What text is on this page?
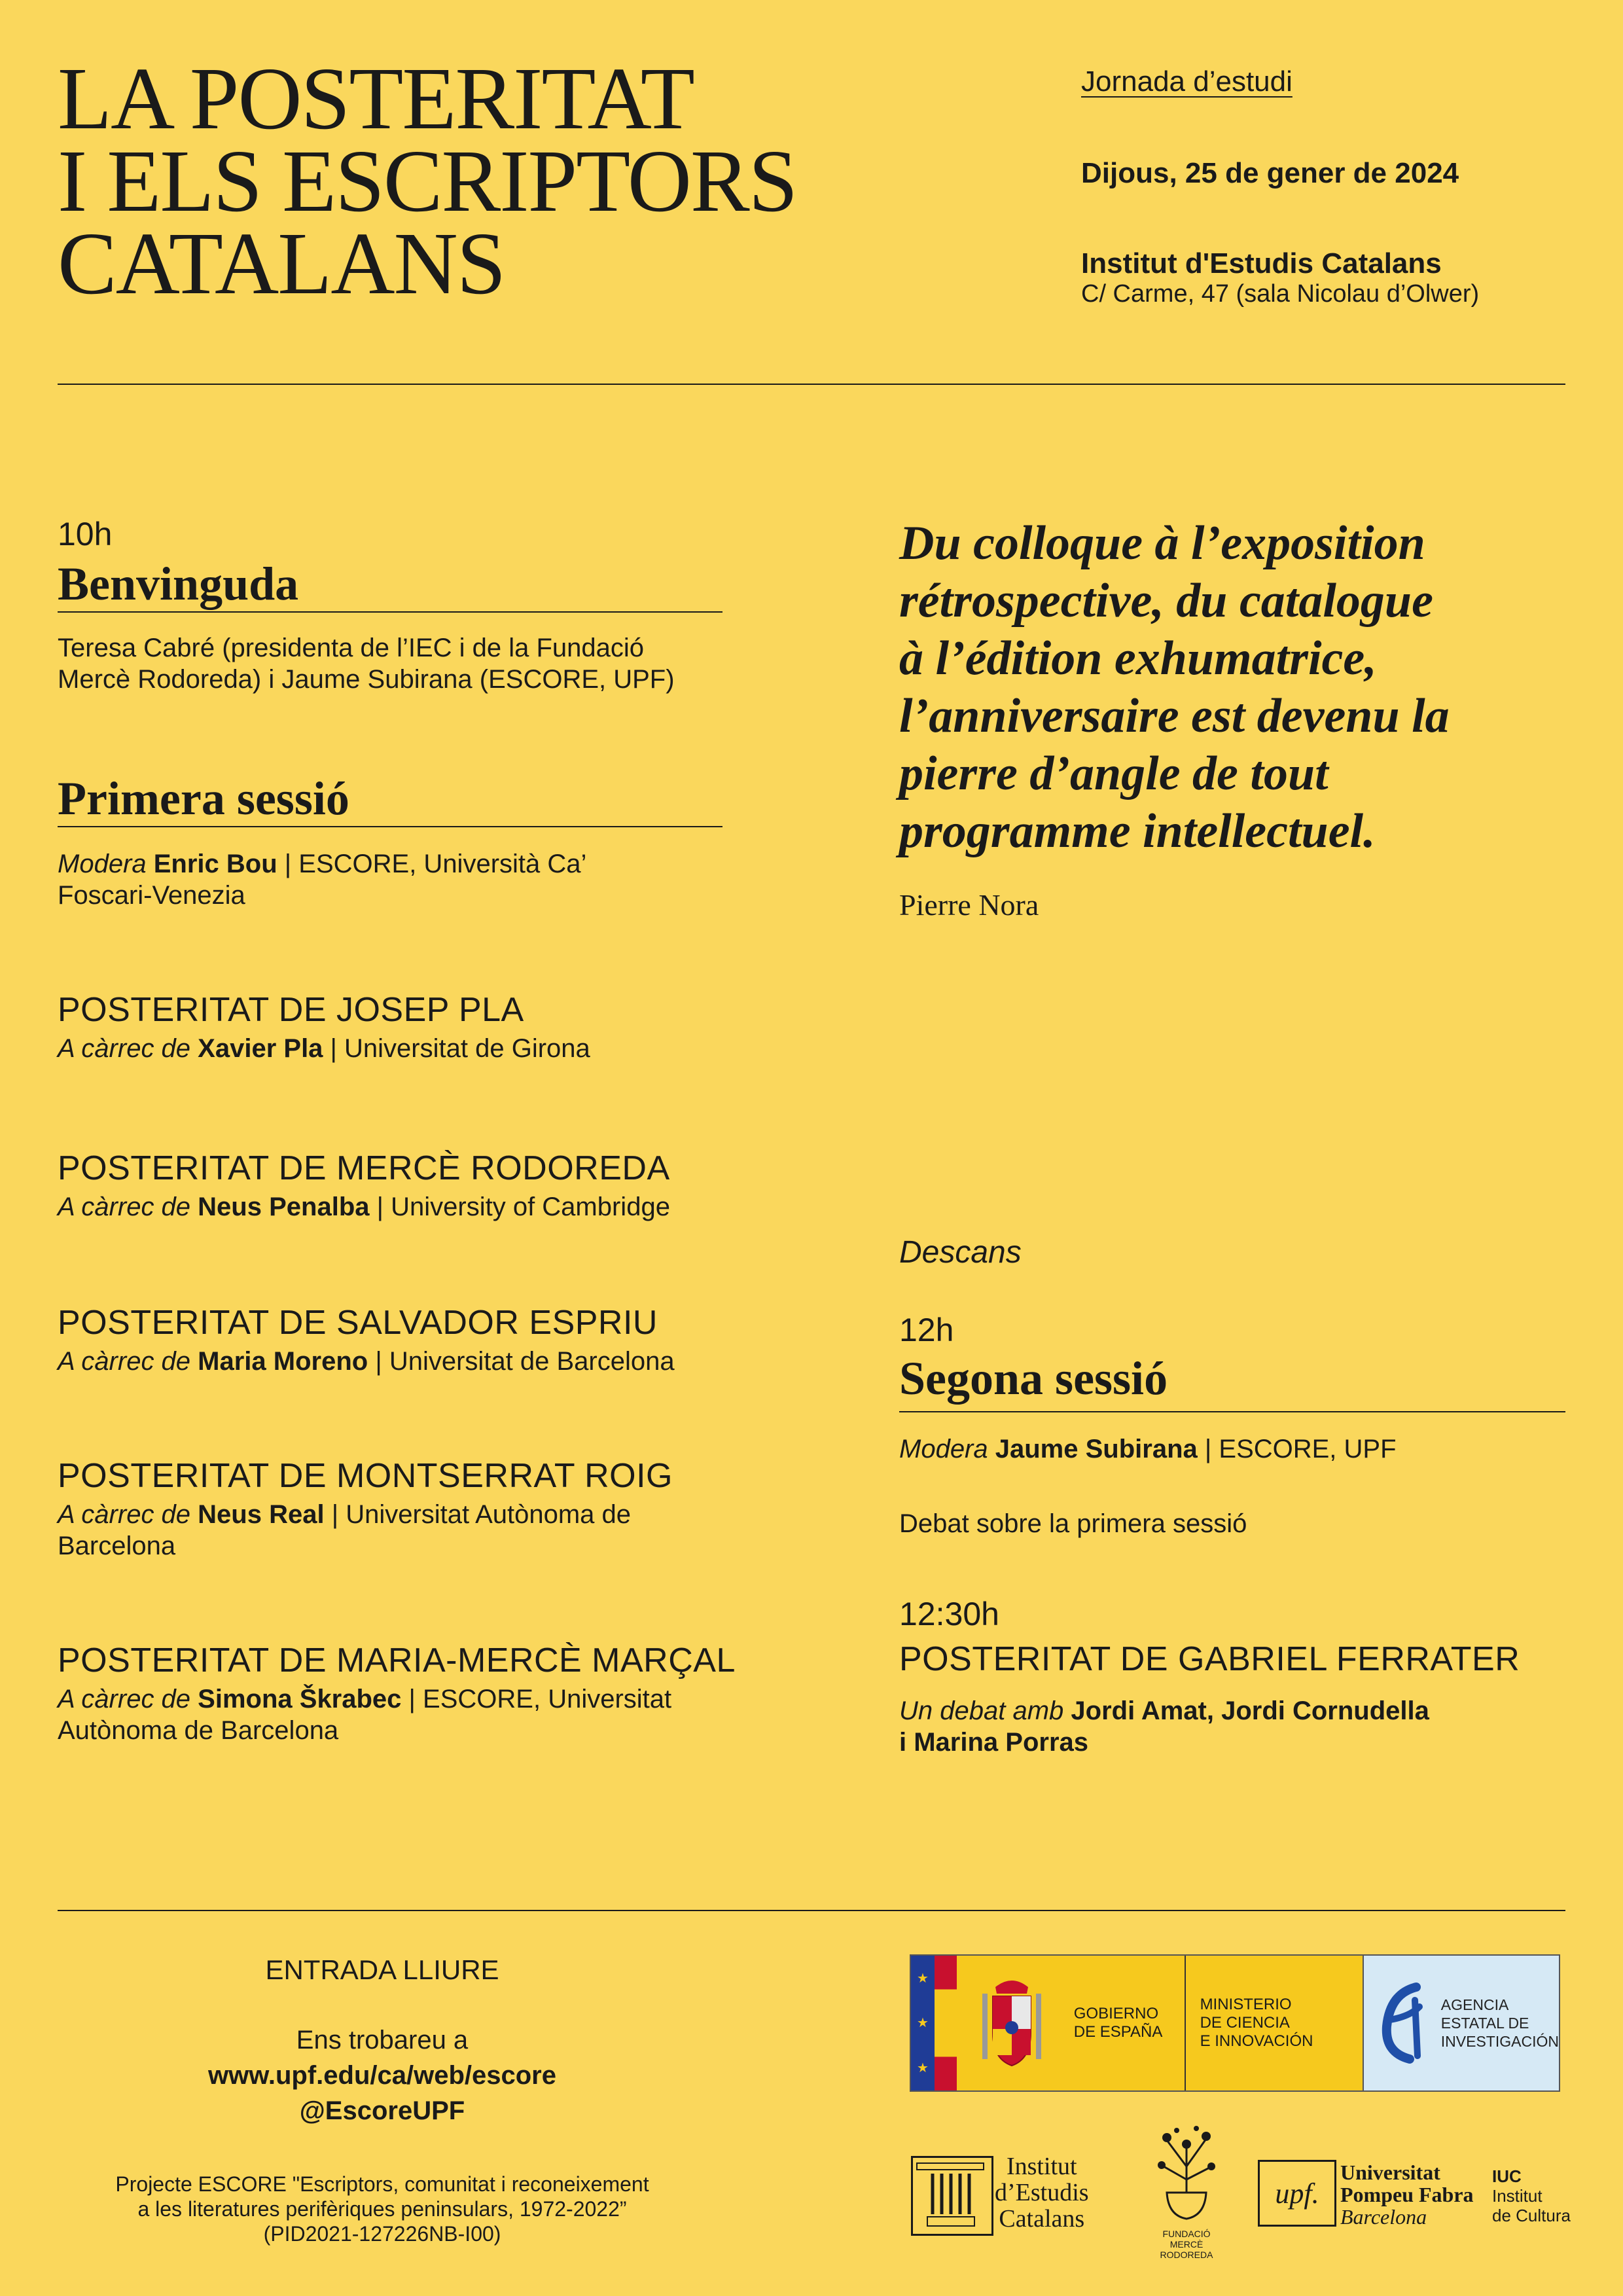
LA POSTERITAT
I ELS ESCRIPTORS
CATALANS
Jornada d’estudi
Dijous, 25 de gener de 2024
Institut d'Estudis Catalans
C/ Carme, 47 (sala Nicolau d’Olwer)
10h
Benvinguda
Teresa Cabré (presidenta de l’IEC i de la Fundació
Mercè Rodoreda) i Jaume Subirana (ESCORE, UPF)
Primera sessió
Modera Enric Bou | ESCORE, Università Ca’
Foscari-Venezia
POSTERITAT DE JOSEP PLA
A càrrec de Xavier Pla | Universitat de Girona
POSTERITAT DE MERCÈ RODOREDA
A càrrec de Neus Penalba | University of Cambridge
POSTERITAT DE SALVADOR ESPRIU
A càrrec de Maria Moreno | Universitat de Barcelona
POSTERITAT DE MONTSERRAT ROIG
A càrrec de Neus Real | Universitat Autònoma de
Barcelona
POSTERITAT DE MARIA-MERCÈ MARÇAL
A càrrec de Simona Škrabec | ESCORE, Universitat
Autònoma de Barcelona
Du colloque à l’exposition
rétrospective, du catalogue
à l’édition exhumatrice,
l’anniversaire est devenu la
pierre d’angle de tout
programme intellectuel.
Pierre Nora
Descans
12h
Segona sessió
Modera Jaume Subirana | ESCORE, UPF
Debat sobre la primera sessió
12:30h
POSTERITAT DE GABRIEL FERRATER
Un debat amb Jordi Amat, Jordi Cornudella
i Marina Porras
ENTRADA LLIURE
Ens trobareu a
www.upf.edu/ca/web/escore
@EscoreUPF
Projecte ESCORE "Escriptors, comunitat i reconeixement
a les literatures perifèriques peninsulars, 1972-2022”
(PID2021-127226NB-I00)
★
★
★
GOBIERNO
DE ESPAÑA
MINISTERIO
DE CIENCIA
E INNOVACIÓN
AGENCIA
ESTATAL DE
INVESTIGACIÓN
Institut
d’Estudis
Catalans
FUNDACIÓ
MERCÈ
RODOREDA
upf.
Universitat
Pompeu Fabra
Barcelona
IUC
Institut
de Cultura
